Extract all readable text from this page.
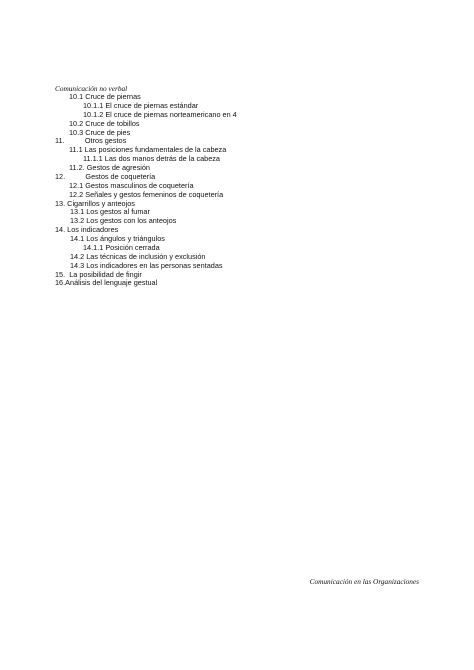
Comunicación no verbal
10.1 Cruce de piernas
10.1.1 El cruce de piernas estándar
10.1.2 El cruce de piernas norteamericano en 4
10.2 Cruce de tobillos
10.3 Cruce de pies
11.          Otros gestos
11.1 Las posiciones fundamentales de la cabeza
11.1.1 Las dos manos detrás de la cabeza
11.2. Gestos de agresión
12.          Gestos de coquetería
12.1 Gestos masculinos de coquetería
12.2 Señales y gestos femeninos de coquetería
13. Cigarrillos y anteojos
13.1 Los gestos al fumar
13.2 Los gestos con los anteojos
14. Los indicadores
14.1 Los ángulos y triángulos
14.1.1 Posición cerrada
14.2 Las técnicas de inclusión y exclusión
14.3 Los indicadores en las personas sentadas
15.  La posibilidad de fingir
16.Análisis del lenguaje gestual
Comunicación en las Organizaciones
